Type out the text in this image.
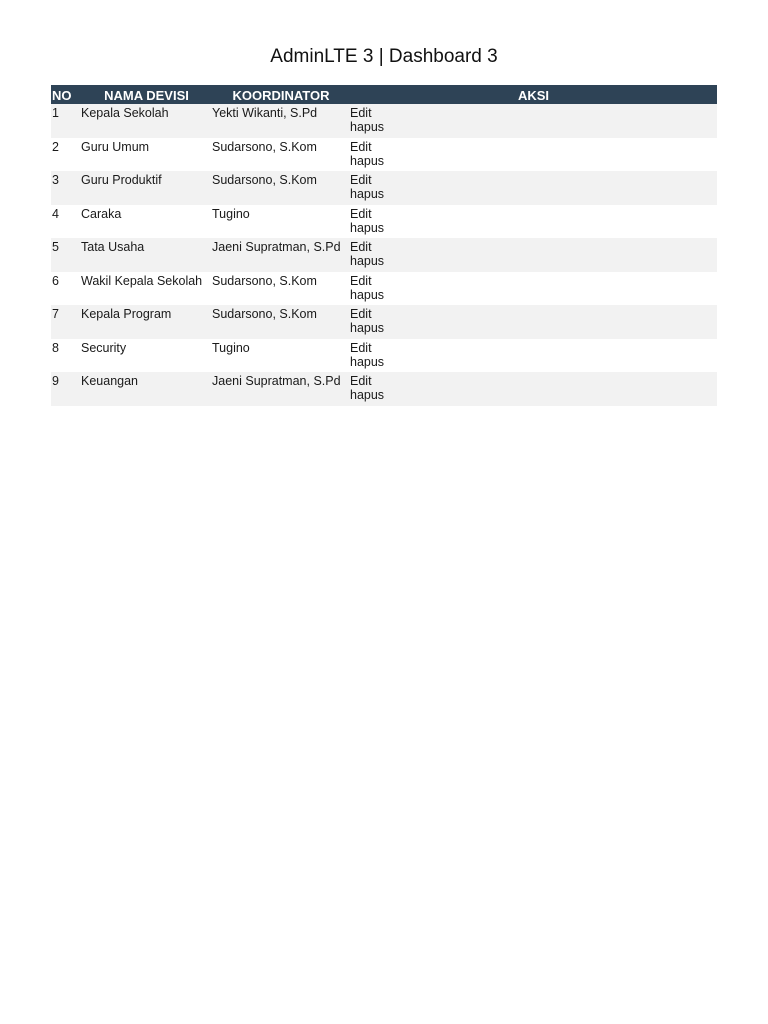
AdminLTE 3 | Dashboard 3
NO	NAMA DEVISI	KOORDINATOR	AKSI
1	Kepala Sekolah	Yekti Wikanti, S.Pd	Edit
hapus

2	Guru Umum	Sudarsono, S.Kom	Edit
hapus

3	Guru Produktif	Sudarsono, S.Kom	Edit
hapus

4	Caraka	Tugino	Edit
hapus

5	Tata Usaha	Jaeni Supratman, S.Pd	Edit
hapus

6	Wakil Kepala Sekolah	Sudarsono, S.Kom	Edit
hapus

7	Kepala Program	Sudarsono, S.Kom	Edit
hapus

8	Security	Tugino	Edit
hapus

9	Keuangan	Jaeni Supratman, S.Pd	Edit
hapus
